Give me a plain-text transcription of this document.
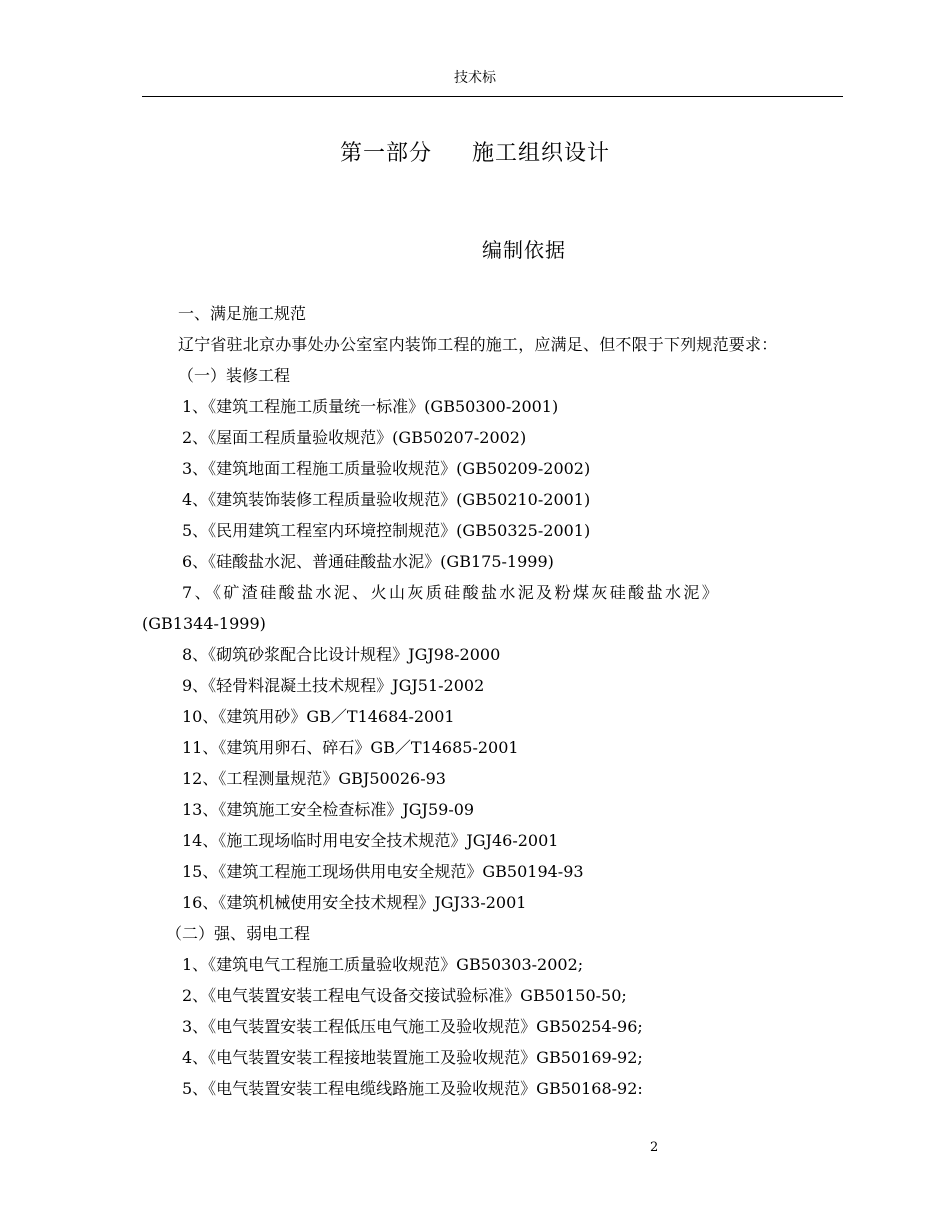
技术标
第一部分 施工组织设计
编制依据
一、满足施工规范
辽宁省驻北京办事处办公室室内装饰工程的施工，应满足、但不限于下列规范要求：
（一）装修工程
1、《建筑工程施工质量统一标准》(GB50300-2001)
2、《屋面工程质量验收规范》(GB50207-2002)
3、《建筑地面工程施工质量验收规范》(GB50209-2002)
4、《建筑装饰装修工程质量验收规范》(GB50210-2001)
5、《民用建筑工程室内环境控制规范》(GB50325-2001)
6、《硅酸盐水泥、普通硅酸盐水泥》(GB175-1999)
7、《矿渣硅酸盐水泥、火山灰质硅酸盐水泥及粉煤灰硅酸盐水泥》
(GB1344-1999)
8、《砌筑砂浆配合比设计规程》JGJ98-2000
9、《轻骨料混凝土技术规程》JGJ51-2002
10、《建筑用砂》GB／T14684-2001
11、《建筑用卵石、碎石》GB／T14685-2001
12、《工程测量规范》GBJ50026-93
13、《建筑施工安全检查标准》JGJ59-09
14、《施工现场临时用电安全技术规范》JGJ46-2001
15、《建筑工程施工现场供用电安全规范》GB50194-93
16、《建筑机械使用安全技术规程》JGJ33-2001
（二）强、弱电工程
1、《建筑电气工程施工质量验收规范》GB50303-2002;
2、《电气装置安装工程电气设备交接试验标准》GB50150-50;
3、《电气装置安装工程低压电气施工及验收规范》GB50254-96;
4、《电气装置安装工程接地装置施工及验收规范》GB50169-92;
5、《电气装置安装工程电缆线路施工及验收规范》GB50168-92:
2
